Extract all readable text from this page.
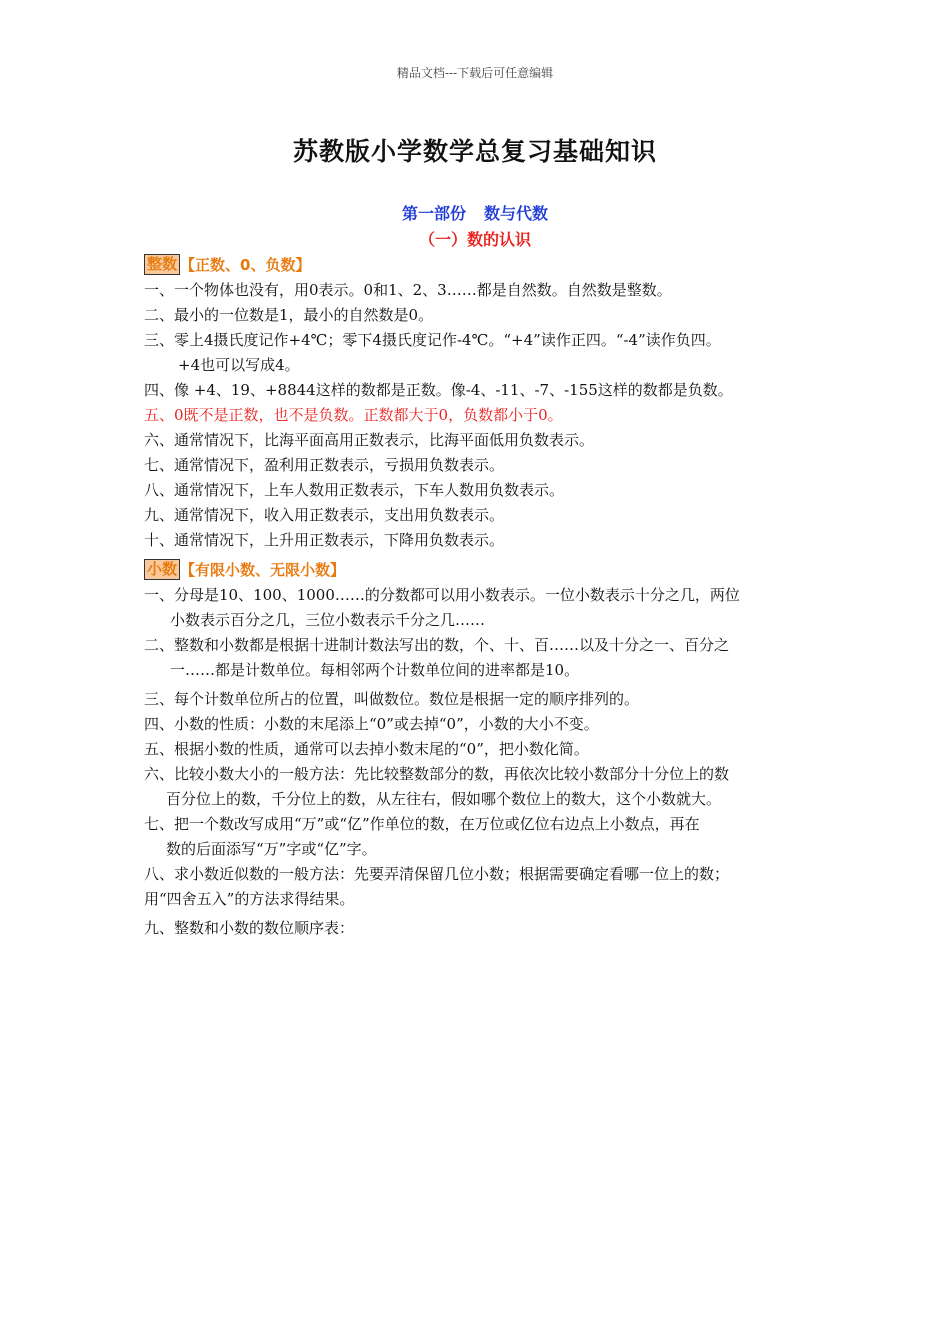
精品文档---下载后可任意编辑
苏教版小学数学总复习基础知识
第一部份 数与代数
（一）数的认识
整数 【正数、0、负数】
一、一个物体也没有，用0表示。0和1、2、3……都是自然数。自然数是整数。
二、最小的一位数是1，最小的自然数是0。
三、零上4摄氏度记作+4℃；零下4摄氏度记作-4℃。“+4”读作正四。“-4”读作负四。
+4也可以写成4。
四、像 +4、19、+8844这样的数都是正数。像-4、-11、-7、-155这样的数都是负数。
五、0既不是正数，也不是负数。正数都大于0，负数都小于0。
六、通常情况下，比海平面高用正数表示，比海平面低用负数表示。
七、通常情况下，盈利用正数表示，亏损用负数表示。
八、通常情况下，上车人数用正数表示，下车人数用负数表示。
九、通常情况下，收入用正数表示，支出用负数表示。
十、通常情况下，上升用正数表示，下降用负数表示。
小数 【有限小数、无限小数】
一、分母是10、100、1000……的分数都可以用小数表示。一位小数表示十分之几，两位
小数表示百分之几，三位小数表示千分之几……
二、整数和小数都是根据十进制计数法写出的数，个、十、百……以及十分之一、百分之
一……都是计数单位。每相邻两个计数单位间的进率都是10。
三、每个计数单位所占的位置，叫做数位。数位是根据一定的顺序排列的。
四、小数的性质：小数的末尾添上“0”或去掉“0”，小数的大小不变。
五、根据小数的性质，通常可以去掉小数末尾的“0”，把小数化简。
六、比较小数大小的一般方法：先比较整数部分的数，再依次比较小数部分十分位上的数
百分位上的数，千分位上的数，从左往右，假如哪个数位上的数大，这个小数就大。
七、把一个数改写成用“万”或“亿”作单位的数，在万位或亿位右边点上小数点，再在
数的后面添写“万”字或“亿”字。
八、求小数近似数的一般方法：先要弄清保留几位小数；根据需要确定看哪一位上的数；
用“四舍五入”的方法求得结果。
九、整数和小数的数位顺序表：
